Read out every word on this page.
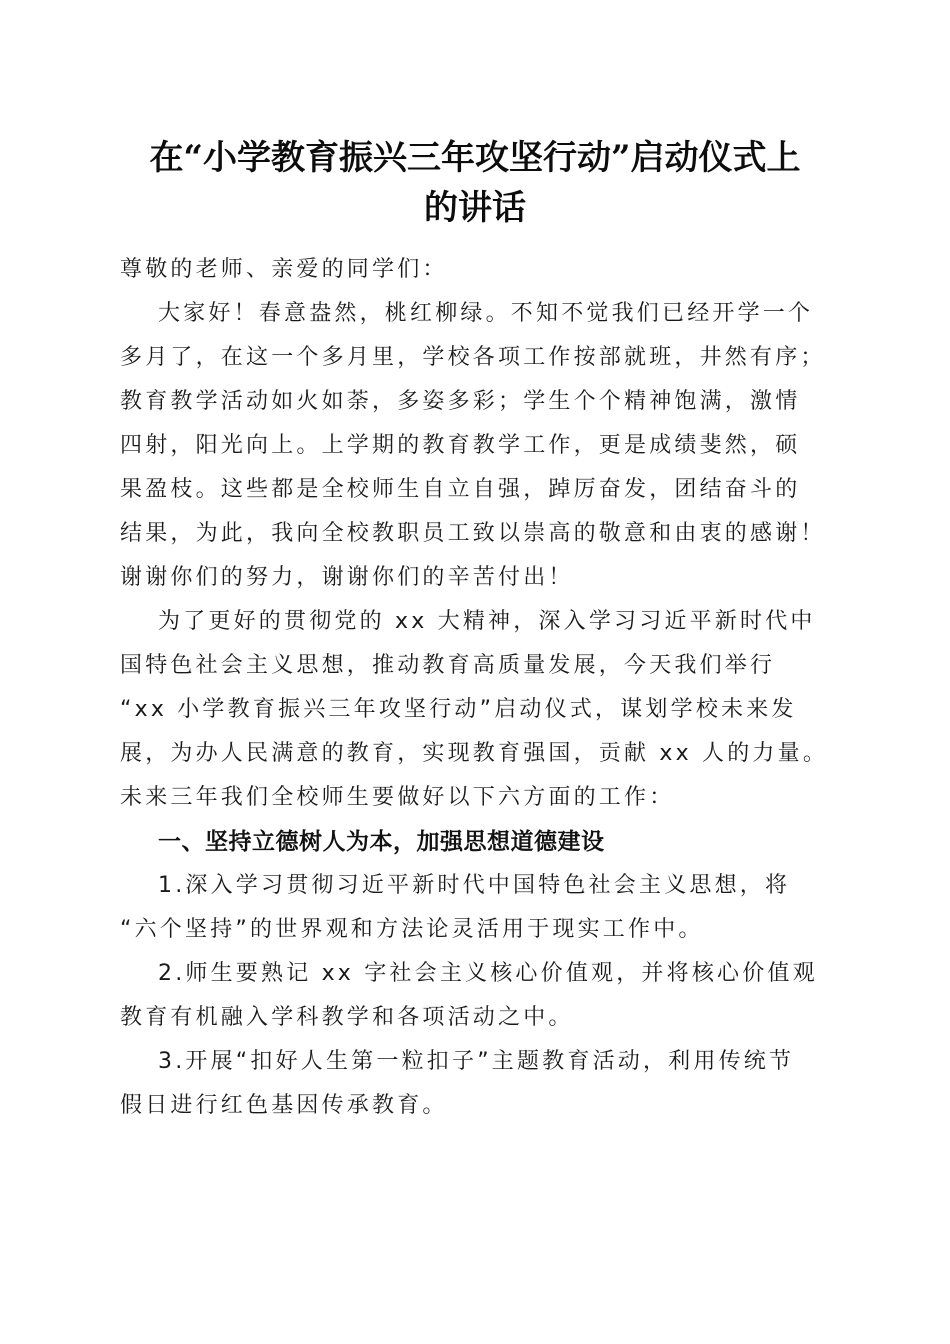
在“小学教育振兴三年攻坚行动”启动仪式上
的讲话
尊敬的老师、亲爱的同学们：
大家好！春意盎然，桃红柳绿。不知不觉我们已经开学一个
多月了，在这一个多月里，学校各项工作按部就班，井然有序；
教育教学活动如火如荼，多姿多彩；学生个个精神饱满，激情
四射，阳光向上。上学期的教育教学工作，更是成绩斐然，硕
果盈枝。这些都是全校师生自立自强，踔厉奋发，团结奋斗的
结果，为此，我向全校教职员工致以崇高的敬意和由衷的感谢！
谢谢你们的努力，谢谢你们的辛苦付出！
为了更好的贯彻党的 xx 大精神，深入学习习近平新时代中
国特色社会主义思想，推动教育高质量发展，今天我们举行
“xx 小学教育振兴三年攻坚行动”启动仪式，谋划学校未来发
展，为办人民满意的教育，实现教育强国，贡献 xx 人的力量。
未来三年我们全校师生要做好以下六方面的工作：
一、坚持立德树人为本，加强思想道德建设
1.深入学习贯彻习近平新时代中国特色社会主义思想，将
“六个坚持”的世界观和方法论灵活用于现实工作中。
2.师生要熟记 xx 字社会主义核心价值观，并将核心价值观
教育有机融入学科教学和各项活动之中。
3.开展“扣好人生第一粒扣子”主题教育活动，利用传统节
假日进行红色基因传承教育。
